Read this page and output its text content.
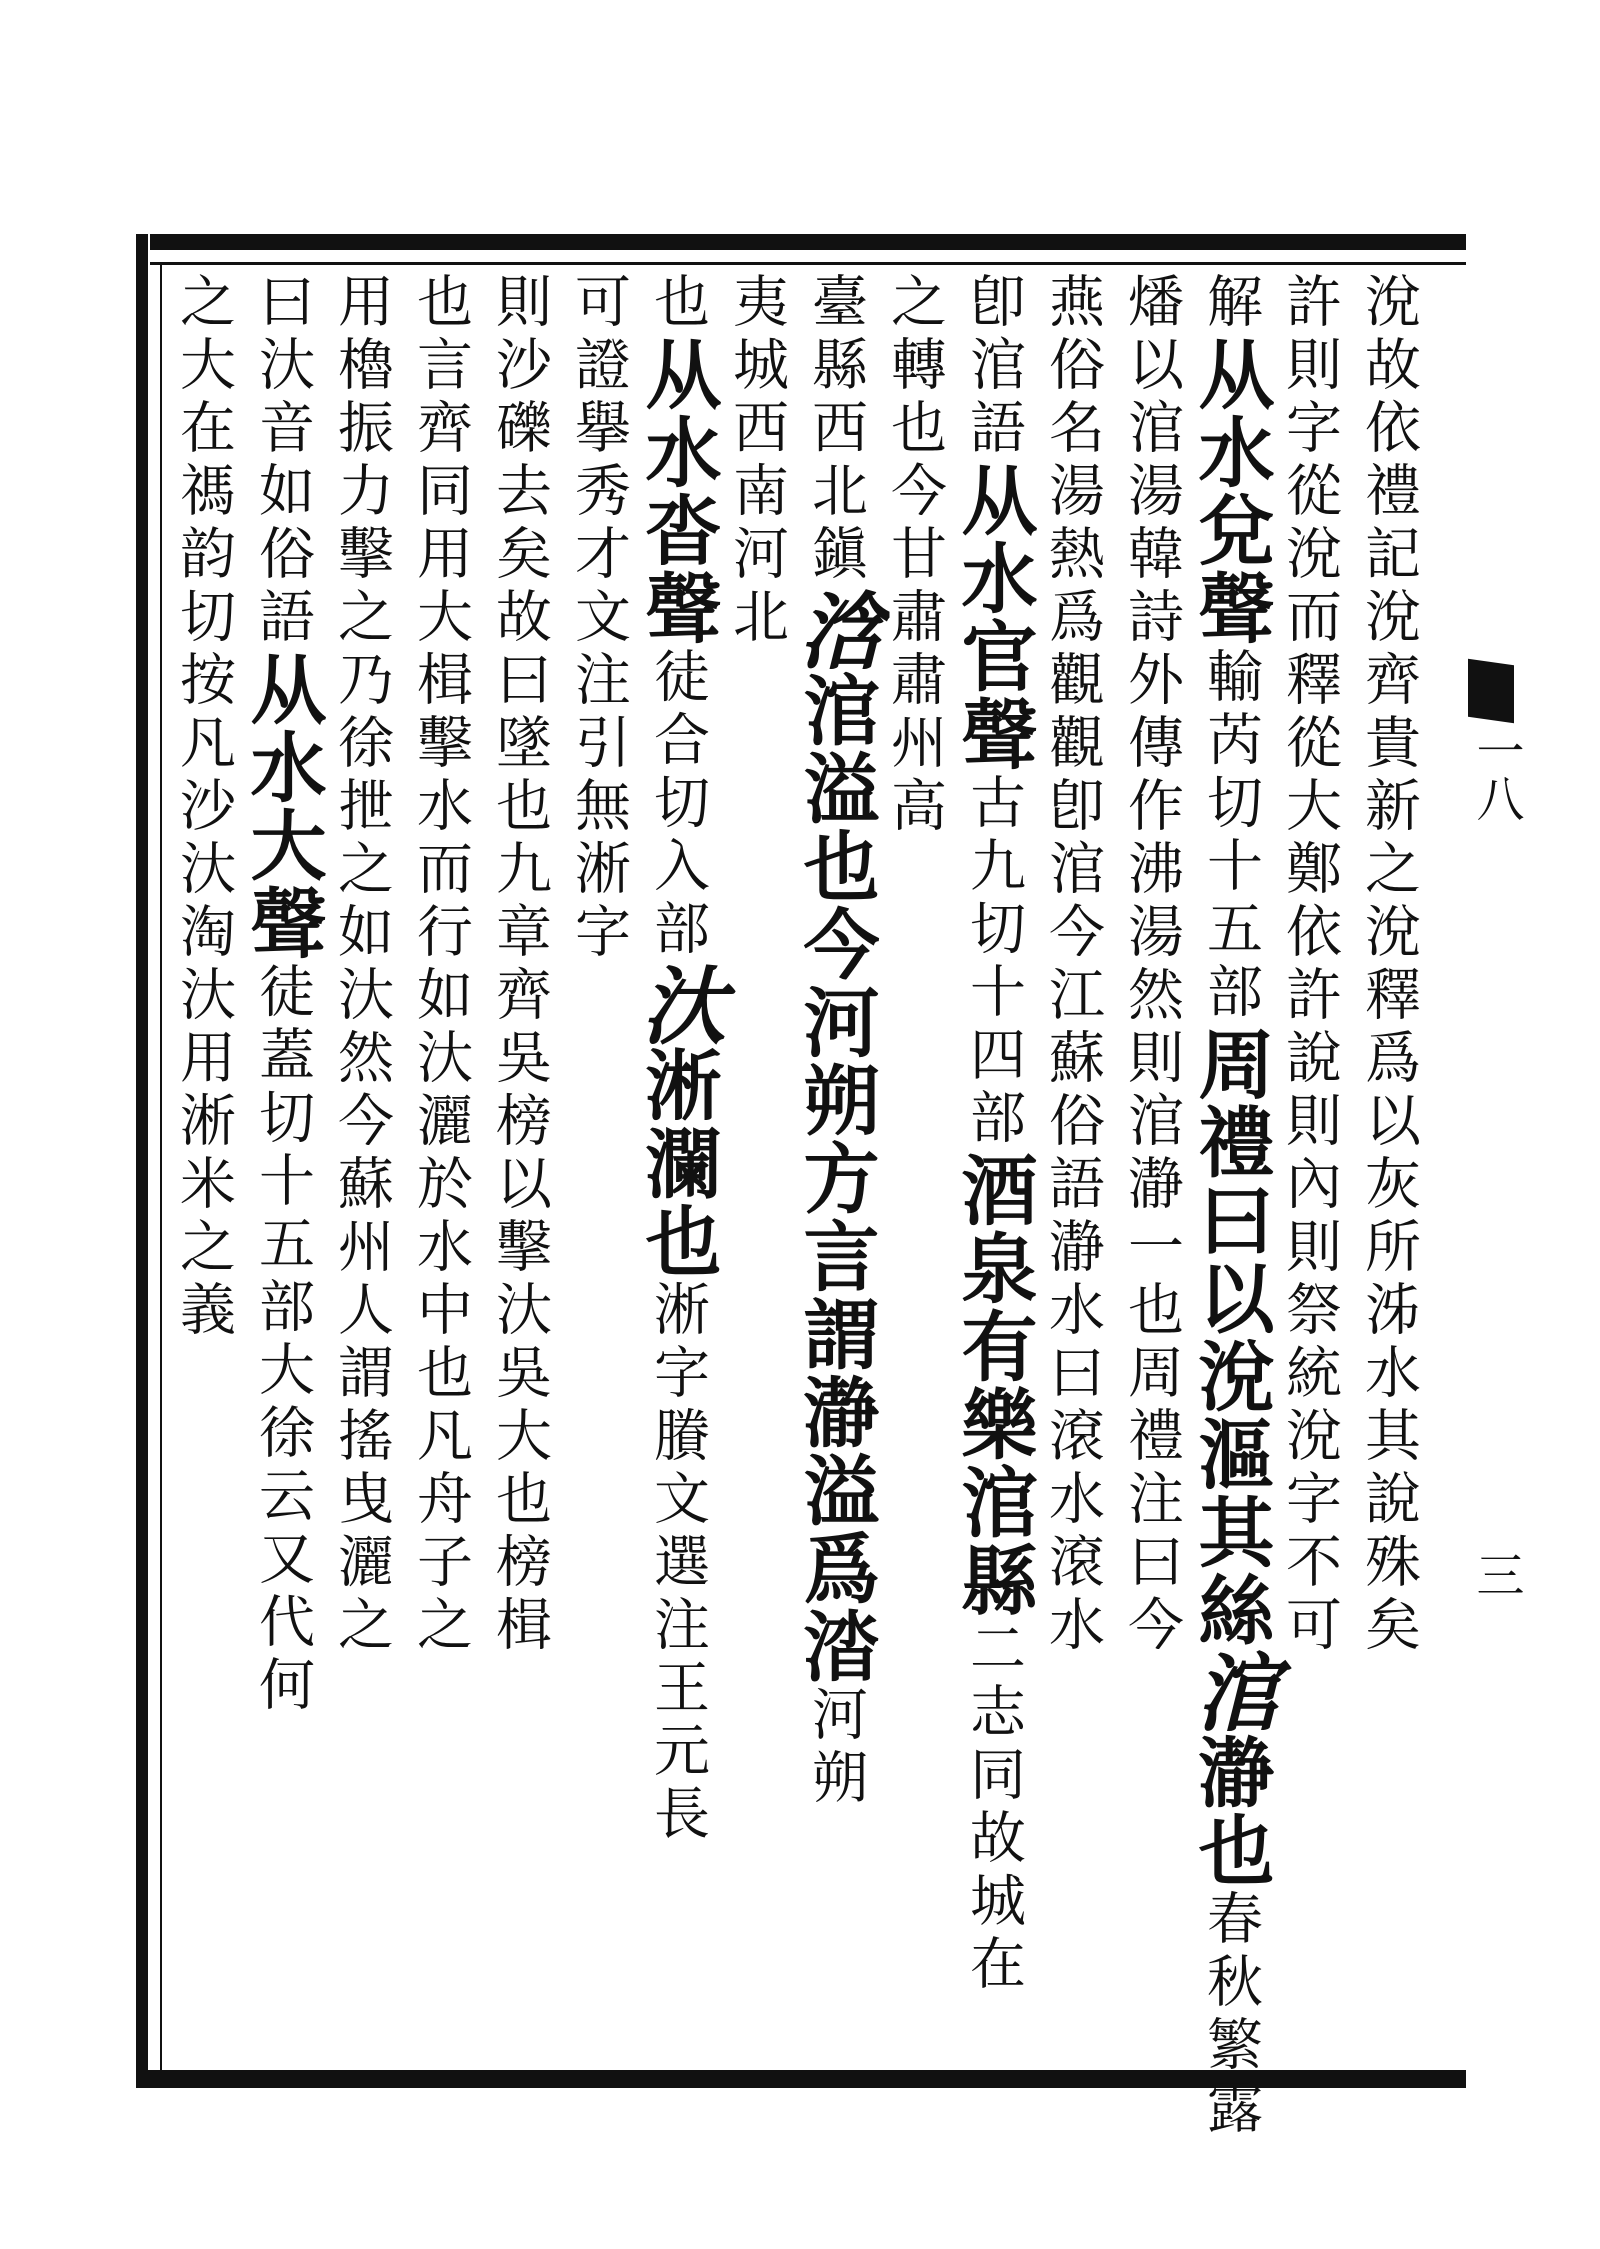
一八
三
涗故依禮記涗齊貴新之涗釋爲以灰所泲水其說殊矣
許則字從涗而釋從大鄭依許說則內則祭統涗字不可
解从水兌聲輸芮切十五部周禮曰以涗漚其絲涫瀞也春秋繁露
燔以涫湯韓詩外傳作沸湯然則涫瀞一也周禮注曰今
燕俗名湯熱爲觀觀卽涫今江蘇俗語瀞水曰滾水滾水
卽涫語从水官聲古九切十四部酒泉有樂涫縣二志同故城在
之轉也今甘肅肅州高
臺縣西北鎭浛涫溢也今河朔方言謂瀞溢爲涾河朔
夷城西南河北
也从水沓聲徒合切入部汏淅瀾也淅字賸文選注王元長
可證擧秀才文注引無淅字
則沙礫去矣故曰墜也九章齊吳榜以擊汏吳大也榜楫
也言齊同用大楫擊水而行如汏灑於水中也凡舟子之
用櫓振力擊之乃徐抴之如汏然今蘇州人謂搖曳灑之
曰汏音如俗語从水大聲徒蓋切十五部大徐云又代何
之大在禡韵切按凡沙汏淘汏用淅米之義
